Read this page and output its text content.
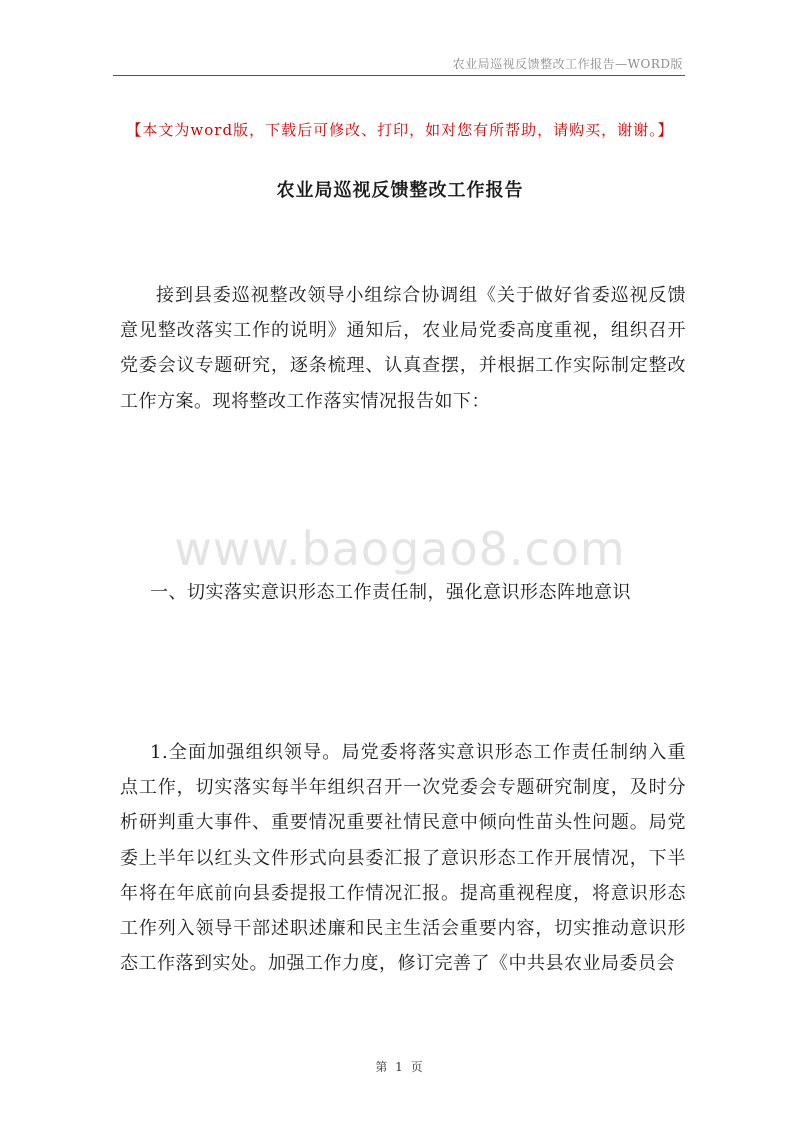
农业局巡视反馈整改工作报告—WORD版
【本文为word版，下载后可修改、打印，如对您有所帮助，请购买，谢谢。】
农业局巡视反馈整改工作报告

接到县委巡视整改领导小组综合协调组《关于做好省委巡视反馈意见整改落实工作的说明》通知后，农业局党委高度重视，组织召开党委会议专题研究，逐条梳理、认真查摆，并根据工作实际制定整改工作方案。现将整改工作落实情况报告如下：

www.baogao8.com
一、切实落实意识形态工作责任制，强化意识形态阵地意识

1.全面加强组织领导。局党委将落实意识形态工作责任制纳入重点工作，切实落实每半年组织召开一次党委会专题研究制度，及时分析研判重大事件、重要情况重要社情民意中倾向性苗头性问题。局党委上半年以红头文件形式向县委汇报了意识形态工作开展情况，下半年将在年底前向县委提报工作情况汇报。提高重视程度，将意识形态工作列入领导干部述职述廉和民主生活会重要内容，切实推动意识形态工作落到实处。加强工作力度，修订完善了《中共县农业局委员会

第 1 页
